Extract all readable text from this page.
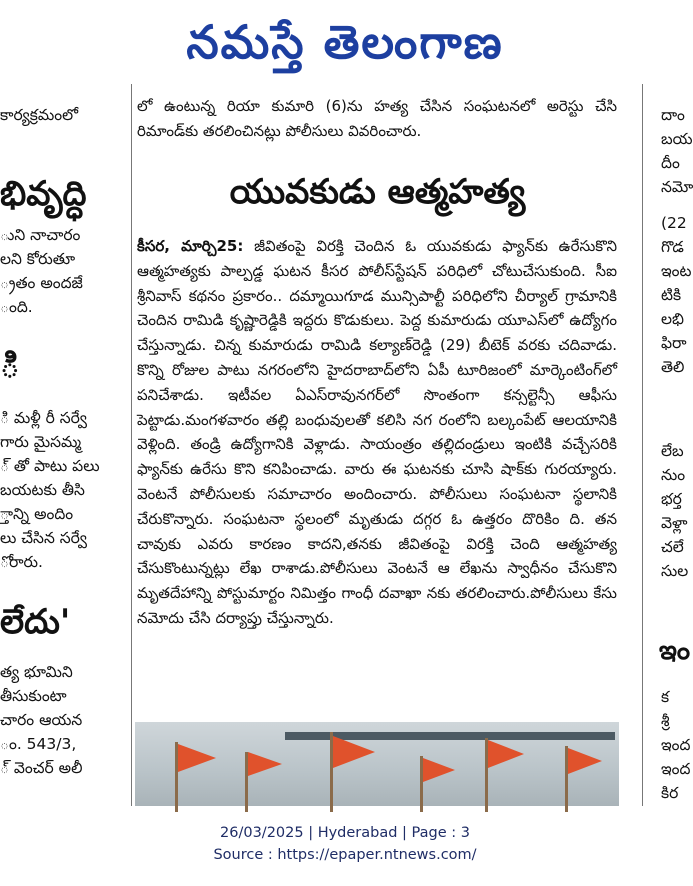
నమస్తే తెలంగాణ
కార్యక్రమంలో
భివృద్ధి
ుని నాచారం
లని కోరుతూ
్రతం అందజే
ంది.
ి
ి మళ్లీ రీ సర్వే
గారు మైసమ్మ
్ తో పాటు పలు
బయటకు తీసి
్తాన్ని అందిం
లు చేసిన సర్వే
ోరారు.
లేదు'
త్య భూమిని
తీసుకుంటా
చారం ఆయన
ం. 543/3,
్ వెంచర్ అలీ
లో ఉంటున్న రియా కుమారి (6)ను హత్య చేసిన సంఘటనలో అరెస్టు చేసి రిమాండ్‌కు తరలించినట్లు పోలీసులు వివరించారు.
యువకుడు ఆత్మహత్య
కీసర, మార్చి25: జీవితంపై విరక్తి చెందిన ఓ యువకుడు ఫ్యాన్‌కు ఉరేసుకొని ఆత్మహత్యకు పాల్పడ్డ ఘటన కీసర పోలీస్‌స్టేషన్ పరిధిలో చోటుచేసుకుంది. సీఐ శ్రీనివాస్ కథనం ప్రకారం.. దమ్మాయిగూడ మున్సిపాల్టీ పరిధిలోని చీర్యాల్ గ్రామానికి చెందిన రామిడి కృష్ణారెడ్డికి ఇద్దరు కొడుకులు. పెద్ద కుమారుడు యూఎస్‌లో ఉద్యోగం చేస్తున్నాడు. చిన్న కుమారుడు రామిడి కల్యాణ్‌రెడ్డి (29) బీటెక్ వరకు చదివాడు. కొన్ని రోజుల పాటు నగరంలోని హైదరాబాద్‌లోని ఏపీ టూరిజంలో మార్కెంటింగ్‌లో పనిచేశాడు. ఇటీవల ఏఎస్‌రావునగర్‌లో సొంతంగా కన్సల్టెన్సీ ఆఫీసు పెట్టాడు.మంగళవారం తల్లి బంధువులతో కలిసి నగ రంలోని బల్కంపేట్ ఆలయానికి వెళ్లింది. తండ్రి ఉద్యోగానికి వెళ్లాడు. సాయంత్రం తల్లిదండ్రులు ఇంటికి వచ్చేసరికి ఫ్యాన్‌కు ఉరేసు కొని కనిపించాడు. వారు ఈ ఘటనకు చూసి షాక్‌కు గురయ్యారు. వెంటనే పోలీసులకు సమాచారం అందించారు. పోలీసులు సంఘటనా స్థలానికి చేరుకొన్నారు. సంఘటనా స్థలంలో మృతుడు దగ్గర ఓ ఉత్తరం దొరికిం ది. తన చావుకు ఎవరు కారణం కాదని,తనకు జీవితంపై విరక్తి చెంది ఆత్మహత్య చేసుకొంటున్నట్లు లేఖ రాశాడు.పోలీసులు వెంటనే ఆ లేఖను స్వాధీనం చేసుకొని మృతదేహాన్ని పోస్టుమార్టం నిమిత్తం గాంధీ దవాఖా నకు తరలించారు.పోలీసులు కేసు నమోదు చేసి దర్యాప్తు చేస్తున్నారు.
దాం
బయ
దీం
నమో
(22
గొడ
ఇంట
టికి
లభి
ఫిరా
తెలి
లేబ
నుం
భర్త
వెళ్లా
చలే
సుల
ఇం
క
శ్రీ
ఇంద
ఇంద
కిర
26/03/2025 | Hyderabad | Page : 3
Source : https://epaper.ntnews.com/
